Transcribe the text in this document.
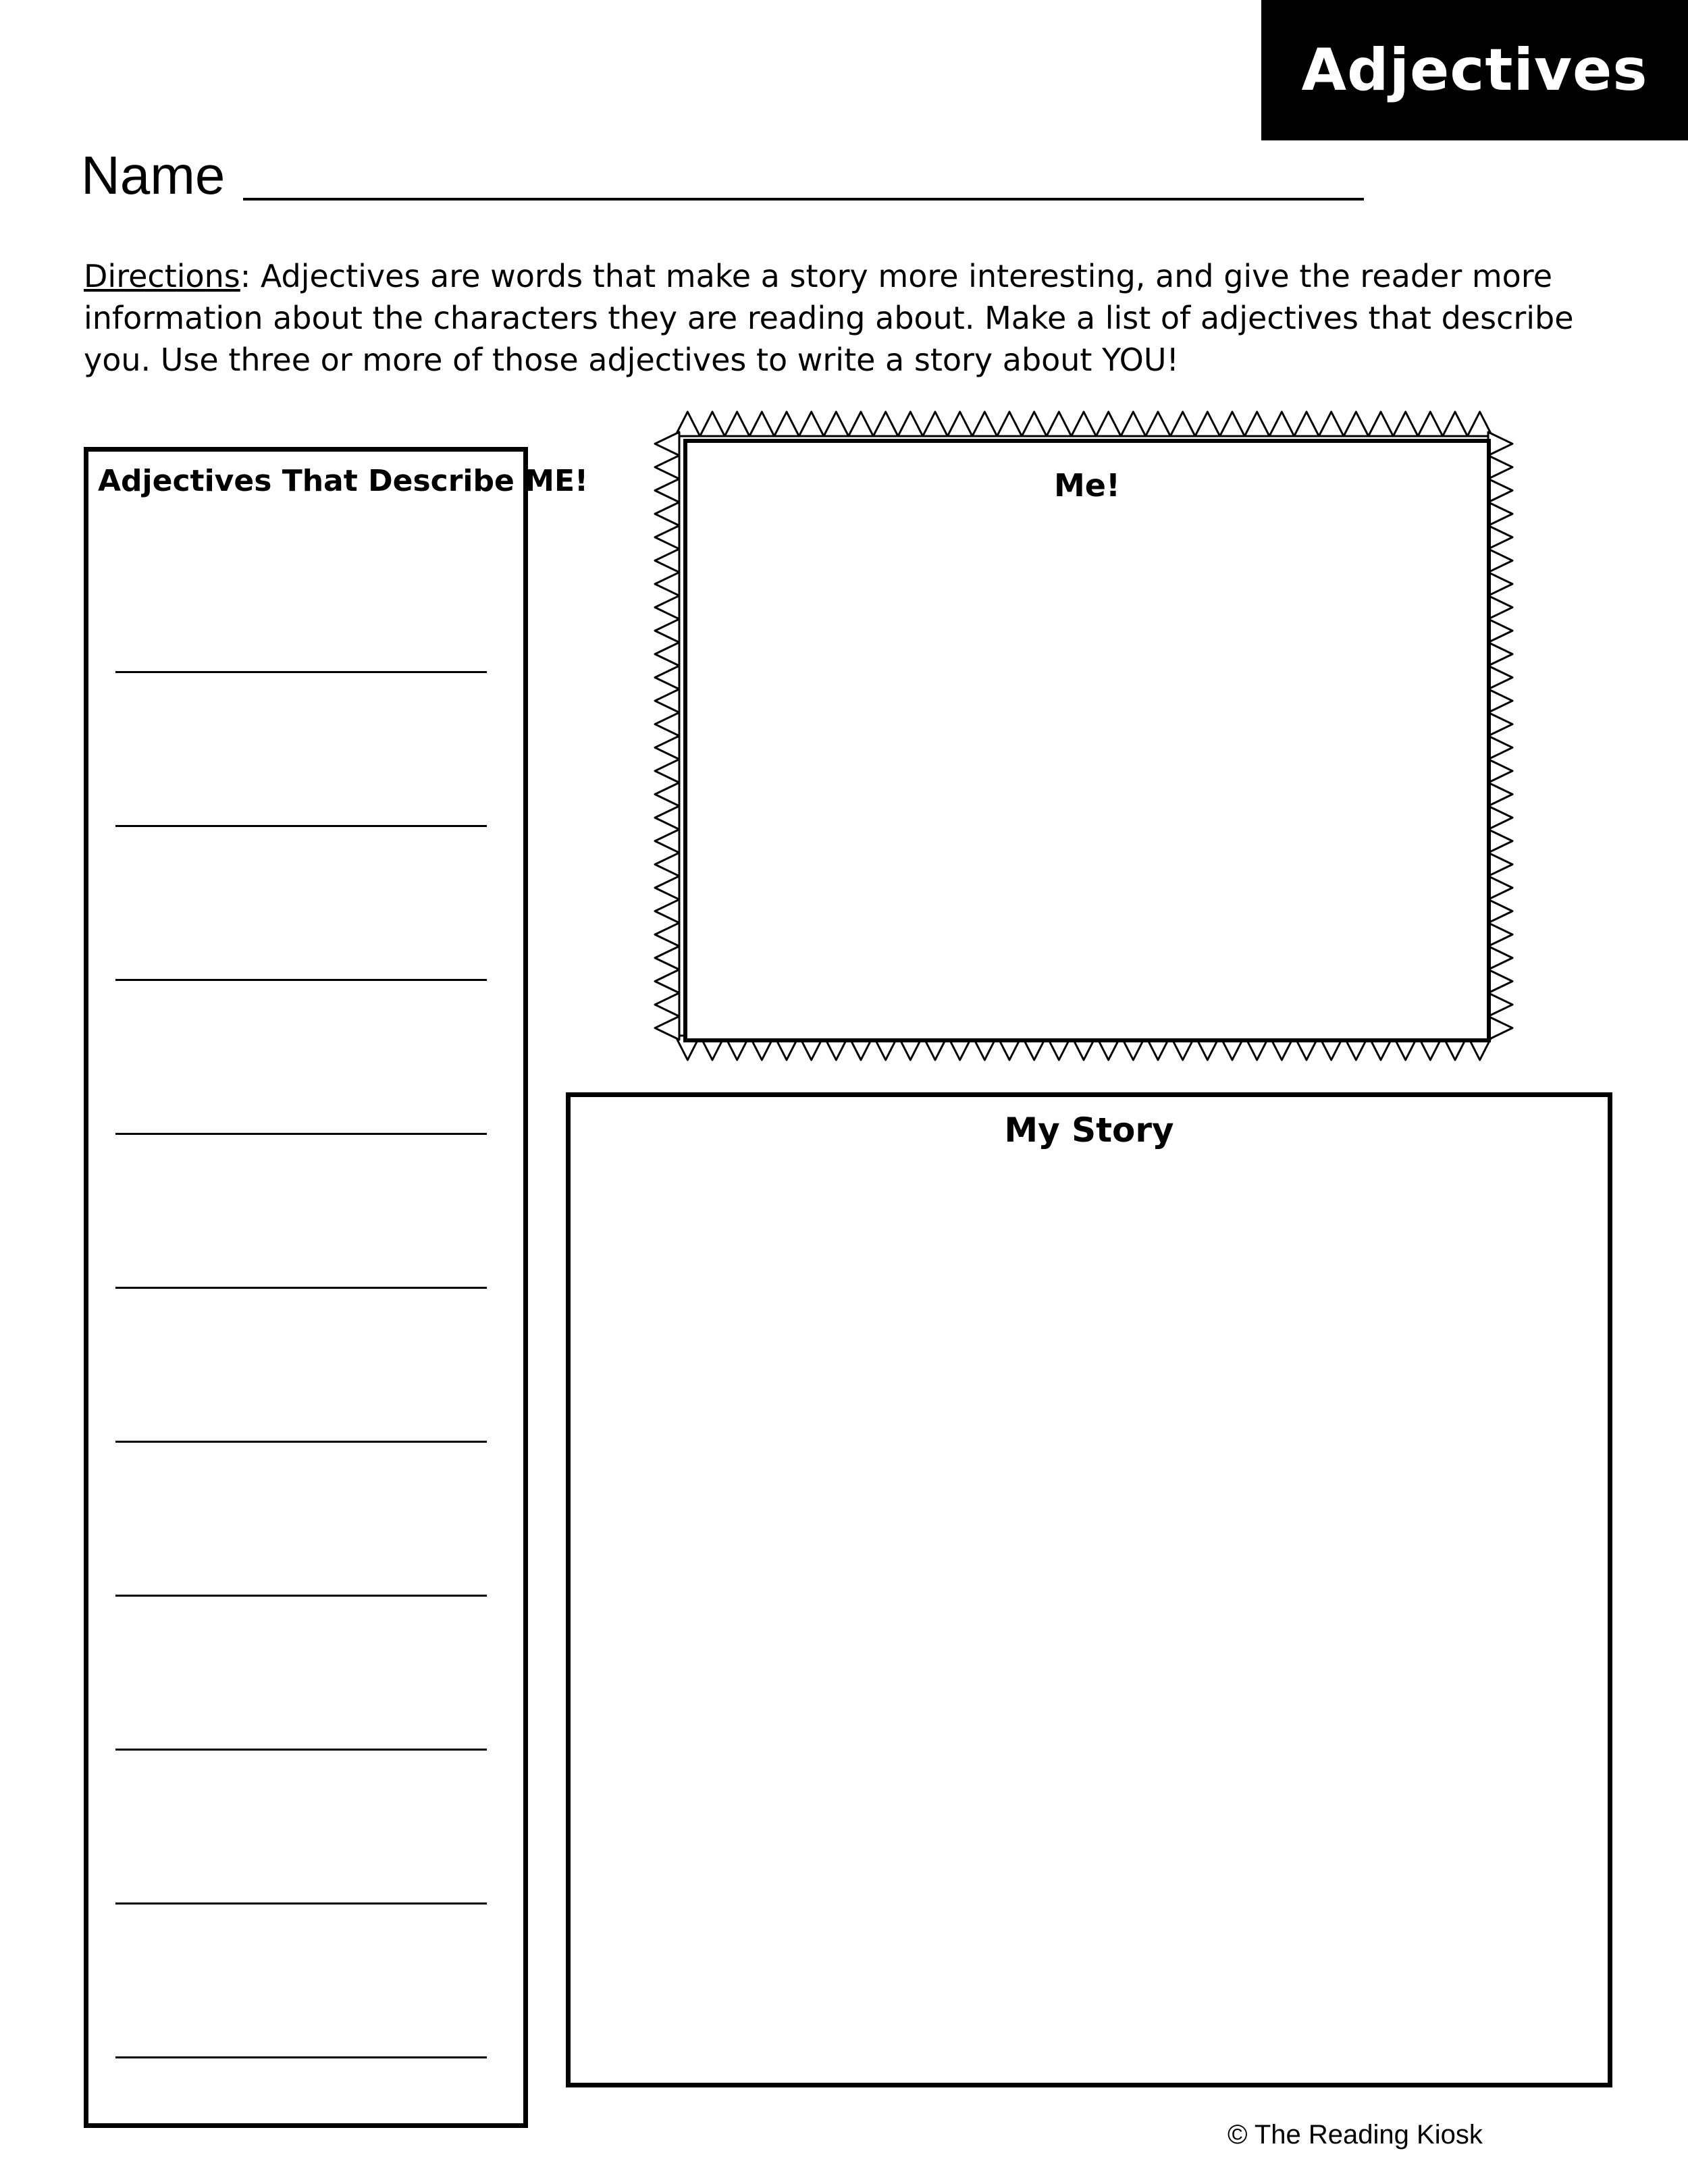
Adjectives
Name
Directions: Adjectives are words that make a story more interesting, and give the reader more information about the characters they are reading about. Make a list of adjectives that describe you. Use three or more of those adjectives to write a story about YOU!
Adjectives That Describe ME!	Me!
My Story
© The Reading Kiosk
